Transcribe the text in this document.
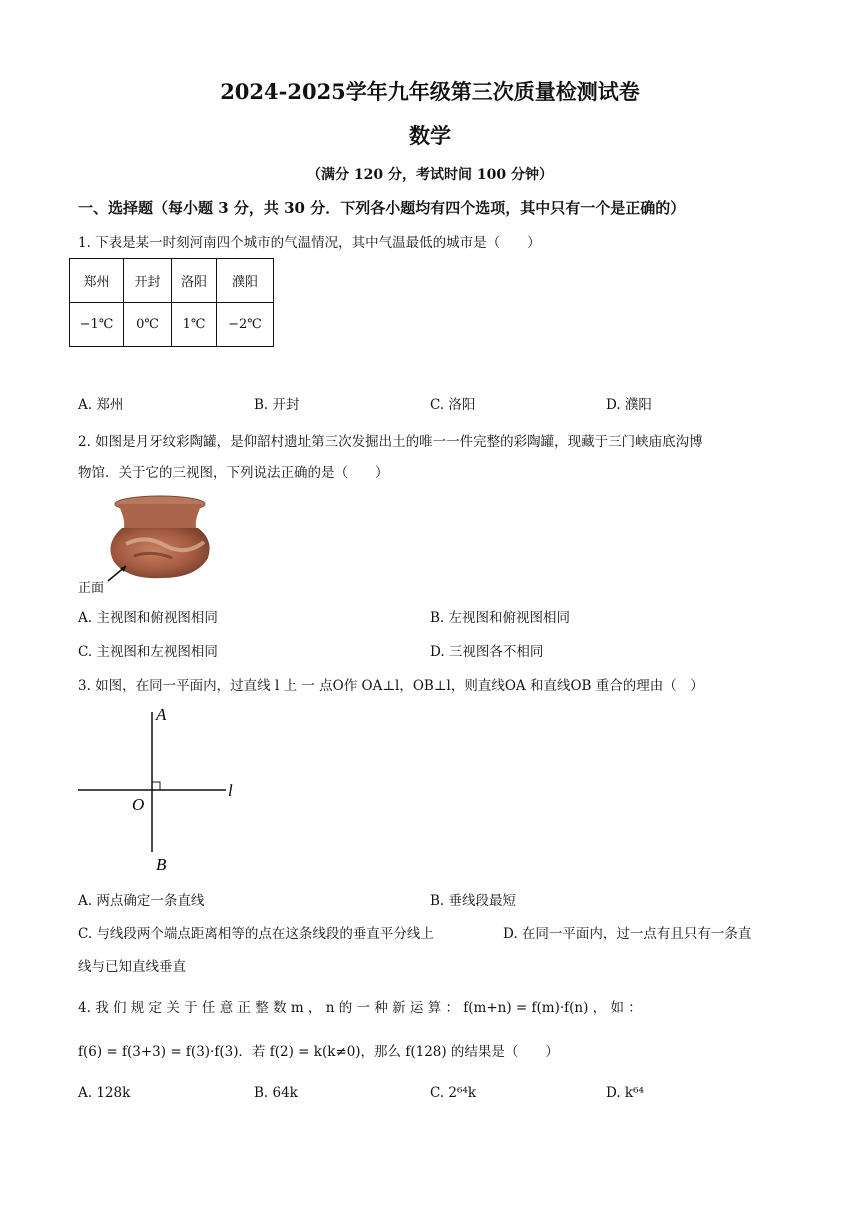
2024-2025学年九年级第三次质量检测试卷
数学
（满分 120 分，考试时间 100 分钟）
一、选择题（每小题 3 分，共 30 分．下列各小题均有四个选项，其中只有一个是正确的）
1. 下表是某一时刻河南四个城市的气温情况，其中气温最低的城市是（　　）
郑州	开封	洛阳	濮阳
−1℃	0℃	1℃	−2℃
A. 郑州	B. 开封	C. 洛阳	D. 濮阳
2. 如图是月牙纹彩陶罐，是仰韶村遗址第三次发掘出土的唯一一件完整的彩陶罐，现藏于三门峡庙底沟博
物馆．关于它的三视图，下列说法正确的是（　　）
正面
A. 主视图和俯视图相同	B. 左视图和俯视图相同
C. 主视图和左视图相同	D. 三视图各不相同
3. 如图，在同一平面内，过直线 l 上 一 点O作 OA⊥l，OB⊥l，则直线OA 和直线OB 重合的理由（　）
A
O
l
B
A. 两点确定一条直线	B. 垂线段最短
C. 与线段两个端点距离相等的点在这条线段的垂直平分线上	D. 在同一平面内，过一点有且只有一条直
线与已知直线垂直
4. 我 们 规 定 关 于 任 意 正 整 数 m ， n 的 一 种 新 运 算 ： f(m+n) = f(m)·f(n) ， 如 ：
f(6) = f(3+3) = f(3)·f(3)．若 f(2) = k(k≠0)，那么 f(128) 的结果是（　　）
A. 128k	B. 64k	C. 2⁶⁴k	D. k⁶⁴
